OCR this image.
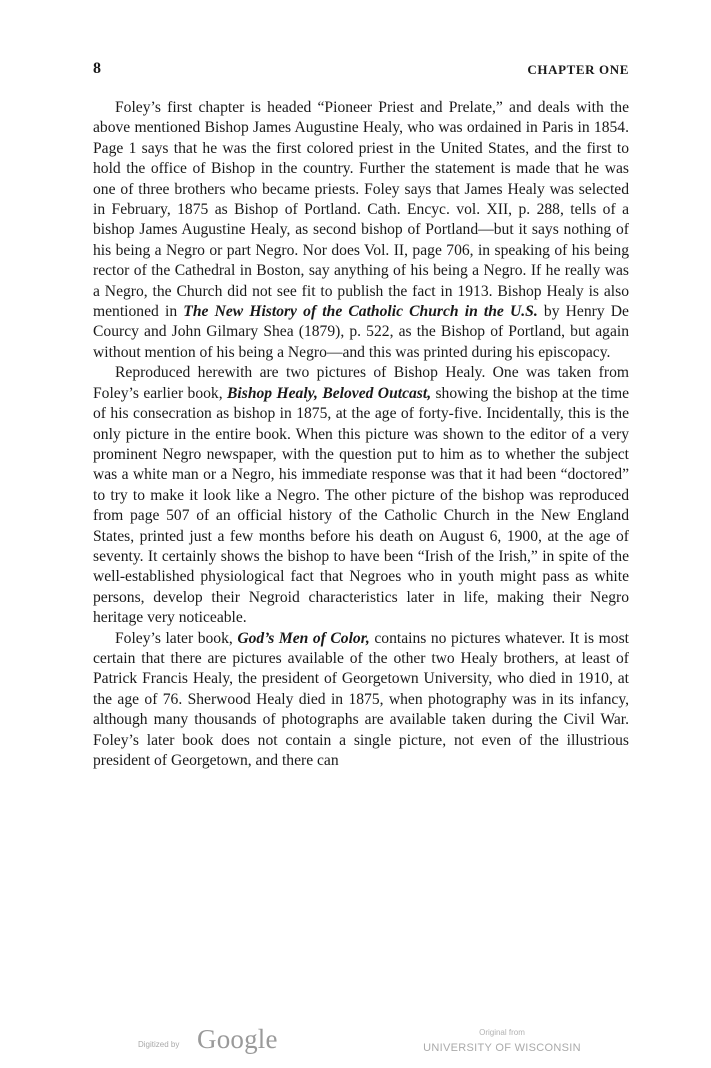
8	CHAPTER ONE

Foley’s first chapter is headed “Pioneer Priest and Prelate,” and deals with the above mentioned Bishop James Augustine Healy, who was ordained in Paris in 1854. Page 1 says that he was the first colored priest in the United States, and the first to hold the office of Bishop in the country. Further the statement is made that he was one of three brothers who became priests. Foley says that James Healy was selected in February, 1875 as Bishop of Portland. Cath. Encyc. vol. XII, p. 288, tells of a bishop James Augustine Healy, as second bishop of Portland—but it says nothing of his being a Negro or part Negro. Nor does Vol. II, page 706, in speaking of his being rector of the Cathedral in Boston, say anything of his being a Negro. If he really was a Negro, the Church did not see fit to publish the fact in 1913. Bishop Healy is also mentioned in The New History of the Catholic Church in the U.S. by Henry De Courcy and John Gilmary Shea (1879), p. 522, as the Bishop of Portland, but again without mention of his being a Negro—and this was printed during his episcopacy.

Reproduced herewith are two pictures of Bishop Healy. One was taken from Foley’s earlier book, Bishop Healy, Beloved Outcast, showing the bishop at the time of his consecration as bishop in 1875, at the age of forty-five. Incidentally, this is the only picture in the entire book. When this picture was shown to the editor of a very prominent Negro newspaper, with the question put to him as to whether the subject was a white man or a Negro, his immediate response was that it had been “doctored” to try to make it look like a Negro. The other picture of the bishop was reproduced from page 507 of an official history of the Catholic Church in the New England States, printed just a few months before his death on August 6, 1900, at the age of seventy. It certainly shows the bishop to have been “Irish of the Irish,” in spite of the well-established physiological fact that Negroes who in youth might pass as white persons, develop their Negroid characteristics later in life, making their Negro heritage very noticeable.

Foley’s later book, God’s Men of Color, contains no pictures whatever. It is most certain that there are pictures available of the other two Healy brothers, at least of Patrick Francis Healy, the president of Georgetown University, who died in 1910, at the age of 76. Sherwood Healy died in 1875, when photography was in its infancy, although many thousands of photographs are available taken during the Civil War. Foley’s later book does not contain a single picture, not even of the illustrious president of Georgetown, and there can

Digitized by Google	Original from
UNIVERSITY OF WISCONSIN
